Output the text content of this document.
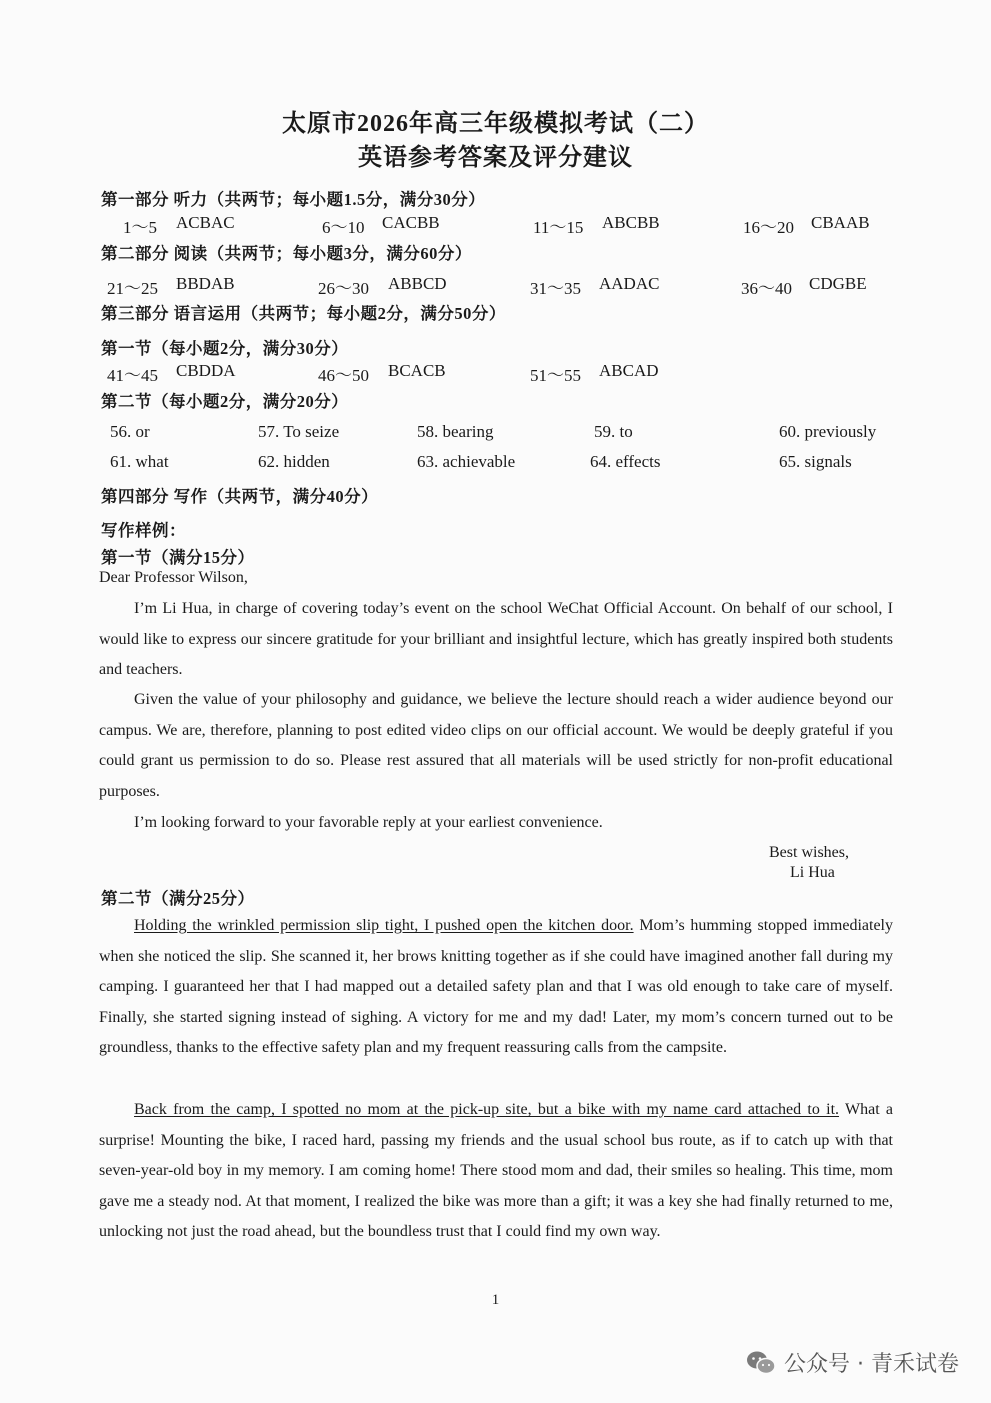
太原市2026年高三年级模拟考试（二）
英语参考答案及评分建议
第一部分 听力（共两节；每小题1.5分，满分30分）
1～5 ACBAC	6～10 CACBB	11～15 ABCBB	16～20 CBAAB
第二部分 阅读（共两节；每小题3分，满分60分）
21～25 BBDAB	26～30 ABBCD	31～35 AADAC	36～40 CDGBE
第三部分 语言运用（共两节；每小题2分，满分50分）
第一节（每小题2分，满分30分）
41～45 CBDDA	46～50 BCACB	51～55 ABCAD
第二节（每小题2分，满分20分）
56. or	57. To seize	58. bearing	59. to	60. previously
61. what	62. hidden	63. achievable	64. effects	65. signals
第四部分 写作（共两节，满分40分）
写作样例：
第一节（满分15分）
Dear Professor Wilson,

I’m Li Hua, in charge of covering today’s event on the school WeChat Official Account. On behalf of our school, I would like to express our sincere gratitude for your brilliant and insightful lecture, which has greatly inspired both students and teachers.

Given the value of your philosophy and guidance, we believe the lecture should reach a wider audience beyond our campus. We are, therefore, planning to post edited video clips on our official account. We would be deeply grateful if you could grant us permission to do so. Please rest assured that all materials will be used strictly for non-profit educational purposes.

I’m looking forward to your favorable reply at your earliest convenience.

Best wishes,
Li Hua
第二节（满分25分）

Holding the wrinkled permission slip tight, I pushed open the kitchen door. Mom’s humming stopped immediately when she noticed the slip. She scanned it, her brows knitting together as if she could have imagined another fall during my camping. I guaranteed her that I had mapped out a detailed safety plan and that I was old enough to take care of myself. Finally, she started signing instead of sighing. A victory for me and my dad! Later, my mom’s concern turned out to be groundless, thanks to the effective safety plan and my frequent reassuring calls from the campsite.

Back from the camp, I spotted no mom at the pick-up site, but a bike with my name card attached to it. What a surprise! Mounting the bike, I raced hard, passing my friends and the usual school bus route, as if to catch up with that seven-year-old boy in my memory. I am coming home! There stood mom and dad, their smiles so healing. This time, mom gave me a steady nod. At that moment, I realized the bike was more than a gift; it was a key she had finally returned to me, unlocking not just the road ahead, but the boundless trust that I could find my own way.

1
公众号 · 青禾试卷
